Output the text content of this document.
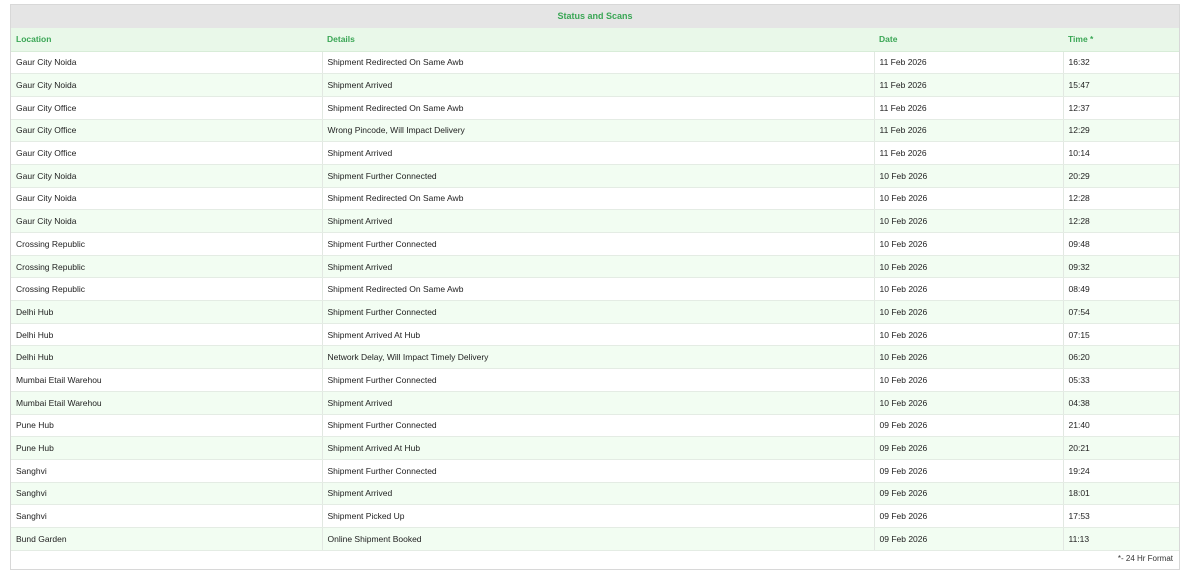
Status and Scans
Location	Details	Date	Time *
Gaur City Noida	Shipment Redirected On Same Awb	11 Feb 2026	16:32
Gaur City Noida	Shipment Arrived	11 Feb 2026	15:47
Gaur City Office	Shipment Redirected On Same Awb	11 Feb 2026	12:37
Gaur City Office	Wrong Pincode, Will Impact Delivery	11 Feb 2026	12:29
Gaur City Office	Shipment Arrived	11 Feb 2026	10:14
Gaur City Noida	Shipment Further Connected	10 Feb 2026	20:29
Gaur City Noida	Shipment Redirected On Same Awb	10 Feb 2026	12:28
Gaur City Noida	Shipment Arrived	10 Feb 2026	12:28
Crossing Republic	Shipment Further Connected	10 Feb 2026	09:48
Crossing Republic	Shipment Arrived	10 Feb 2026	09:32
Crossing Republic	Shipment Redirected On Same Awb	10 Feb 2026	08:49
Delhi Hub	Shipment Further Connected	10 Feb 2026	07:54
Delhi Hub	Shipment Arrived At Hub	10 Feb 2026	07:15
Delhi Hub	Network Delay, Will Impact Timely Delivery	10 Feb 2026	06:20
Mumbai Etail Warehou	Shipment Further Connected	10 Feb 2026	05:33
Mumbai Etail Warehou	Shipment Arrived	10 Feb 2026	04:38
Pune Hub	Shipment Further Connected	09 Feb 2026	21:40
Pune Hub	Shipment Arrived At Hub	09 Feb 2026	20:21
Sanghvi	Shipment Further Connected	09 Feb 2026	19:24
Sanghvi	Shipment Arrived	09 Feb 2026	18:01
Sanghvi	Shipment Picked Up	09 Feb 2026	17:53
Bund Garden	Online Shipment Booked	09 Feb 2026	11:13
*- 24 Hr Format
